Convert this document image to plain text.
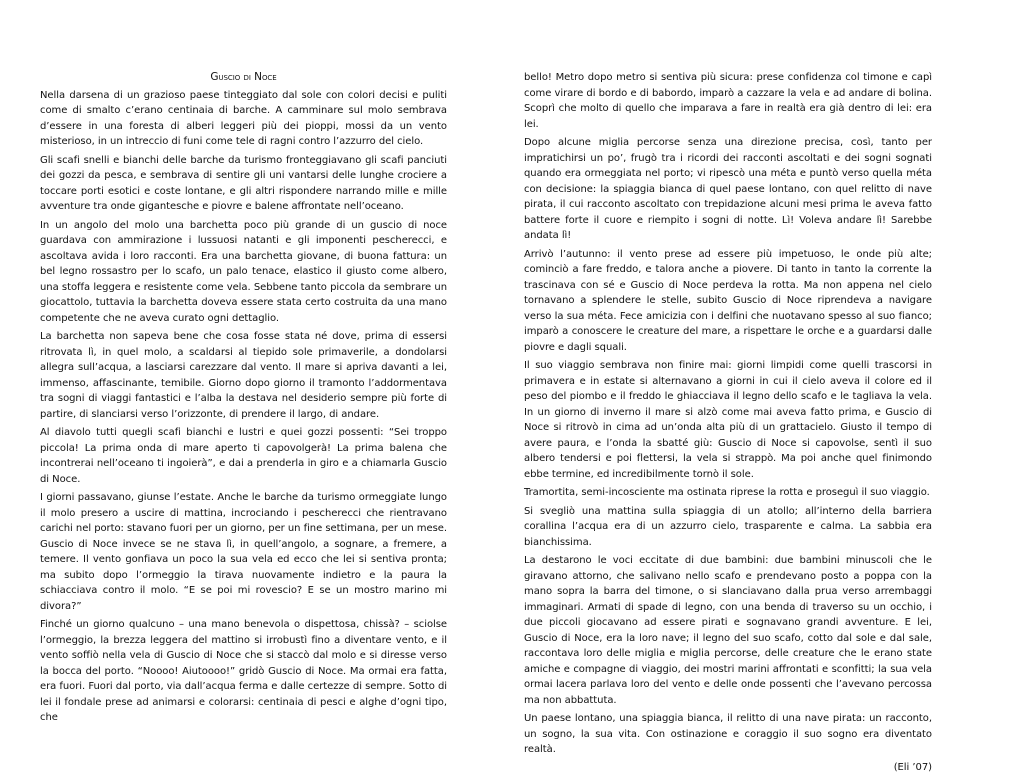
Guscio di Noce

Nella darsena di un grazioso paese tinteggiato dal sole con colori decisi e puliti come di smalto c’erano centinaia di barche. A camminare sul molo sembrava d’essere in una foresta di alberi leggeri più dei pioppi, mossi da un vento misterioso, in un intreccio di funi come tele di ragni contro l’azzurro del cielo.

Gli scafi snelli e bianchi delle barche da turismo fronteggiavano gli scafi panciuti dei gozzi da pesca, e sembrava di sentire gli uni vantarsi delle lunghe crociere a toccare porti esotici e coste lontane, e gli altri rispondere narrando mille e mille avventure tra onde gigantesche e piovre e balene affrontate nell’oceano.

In un angolo del molo una barchetta poco più grande di un guscio di noce guardava con ammirazione i lussuosi natanti e gli imponenti pescherecci, e ascoltava avida i loro racconti. Era una barchetta giovane, di buona fattura: un bel legno rossastro per lo scafo, un palo tenace, elastico il giusto come albero, una stoffa leggera e resistente come vela. Sebbene tanto piccola da sembrare un giocattolo, tuttavia la barchetta doveva essere stata certo costruita da una mano competente che ne aveva curato ogni dettaglio.

La barchetta non sapeva bene che cosa fosse stata né dove, prima di essersi ritrovata lì, in quel molo, a scaldarsi al tiepido sole primaverile, a dondolarsi allegra sull’acqua, a lasciarsi carezzare dal vento. Il mare si apriva davanti a lei, immenso, affascinante, temibile. Giorno dopo giorno il tramonto l’addormentava tra sogni di viaggi fantastici e l’alba la destava nel desiderio sempre più forte di partire, di slanciarsi verso l’orizzonte, di prendere il largo, di andare.

Al diavolo tutti quegli scafi bianchi e lustri e quei gozzi possenti: “Sei troppo piccola! La prima onda di mare aperto ti capovolgerà! La prima balena che incontrerai nell’oceano ti ingoierà”, e dai a prenderla in giro e a chiamarla Guscio di Noce.

I giorni passavano, giunse l’estate. Anche le barche da turismo ormeggiate lungo il molo presero a uscire di mattina, incrociando i pescherecci che rientravano carichi nel porto: stavano fuori per un giorno, per un fine settimana, per un mese. Guscio di Noce invece se ne stava lì, in quell’angolo, a sognare, a fremere, a temere. Il vento gonfiava un poco la sua vela ed ecco che lei si sentiva pronta; ma subito dopo l’ormeggio la tirava nuovamente indietro e la paura la schiacciava contro il molo. “E se poi mi rovescio? E se un mostro marino mi divora?”

Finché un giorno qualcuno – una mano benevola o dispettosa, chissà? – sciolse l’ormeggio, la brezza leggera del mattino si irrobustì fino a diventare vento, e il vento soffiò nella vela di Guscio di Noce che si staccò dal molo e si diresse verso la bocca del porto. “Noooo! Aiutoooo!” gridò Guscio di Noce. Ma ormai era fatta, era fuori. Fuori dal porto, via dall’acqua ferma e dalle certezze di sempre. Sotto di lei il fondale prese ad animarsi e colorarsi: centinaia di pesci e alghe d’ogni tipo, che

bello! Metro dopo metro si sentiva più sicura: prese confidenza col timone e capì come virare di bordo e di babordo, imparò a cazzare la vela e ad andare di bolina. Scoprì che molto di quello che imparava a fare in realtà era già dentro di lei: era lei.

Dopo alcune miglia percorse senza una direzione precisa, così, tanto per impratichirsi un po’, frugò tra i ricordi dei racconti ascoltati e dei sogni sognati quando era ormeggiata nel porto; vi ripescò una méta e puntò verso quella méta con decisione: la spiaggia bianca di quel paese lontano, con quel relitto di nave pirata, il cui racconto ascoltato con trepidazione alcuni mesi prima le aveva fatto battere forte il cuore e riempito i sogni di notte. Lì! Voleva andare lì! Sarebbe andata lì!

Arrivò l’autunno: il vento prese ad essere più impetuoso, le onde più alte; cominciò a fare freddo, e talora anche a piovere. Di tanto in tanto la corrente la trascinava con sé e Guscio di Noce perdeva la rotta. Ma non appena nel cielo tornavano a splendere le stelle, subito Guscio di Noce riprendeva a navigare verso la sua méta. Fece amicizia con i delfini che nuotavano spesso al suo fianco; imparò a conoscere le creature del mare, a rispettare le orche e a guardarsi dalle piovre e dagli squali.

Il suo viaggio sembrava non finire mai: giorni limpidi come quelli trascorsi in primavera e in estate si alternavano a giorni in cui il cielo aveva il colore ed il peso del piombo e il freddo le ghiacciava il legno dello scafo e le tagliava la vela. In un giorno di inverno il mare si alzò come mai aveva fatto prima, e Guscio di Noce si ritrovò in cima ad un’onda alta più di un grattacielo. Giusto il tempo di avere paura, e l’onda la sbatté giù: Guscio di Noce si capovolse, sentì il suo albero tendersi e poi flettersi, la vela si strappò. Ma poi anche quel finimondo ebbe termine, ed incredibilmente tornò il sole.

Tramortita, semi-incosciente ma ostinata riprese la rotta e proseguì il suo viaggio.

Si svegliò una mattina sulla spiaggia di un atollo; all’interno della barriera corallina l’acqua era di un azzurro cielo, trasparente e calma. La sabbia era bianchissima.

La destarono le voci eccitate di due bambini: due bambini minuscoli che le giravano attorno, che salivano nello scafo e prendevano posto a poppa con la mano sopra la barra del timone, o si slanciavano dalla prua verso arrembaggi immaginari. Armati di spade di legno, con una benda di traverso su un occhio, i due piccoli giocavano ad essere pirati e sognavano grandi avventure. E lei, Guscio di Noce, era la loro nave; il legno del suo scafo, cotto dal sole e dal sale, raccontava loro delle miglia e miglia percorse, delle creature che le erano state amiche e compagne di viaggio, dei mostri marini affrontati e sconfitti; la sua vela ormai lacera parlava loro del vento e delle onde possenti che l’avevano percossa ma non abbattuta.

Un paese lontano, una spiaggia bianca, il relitto di una nave pirata: un racconto, un sogno, la sua vita. Con ostinazione e coraggio il suo sogno era diventato realtà.

(Eli ’07)
